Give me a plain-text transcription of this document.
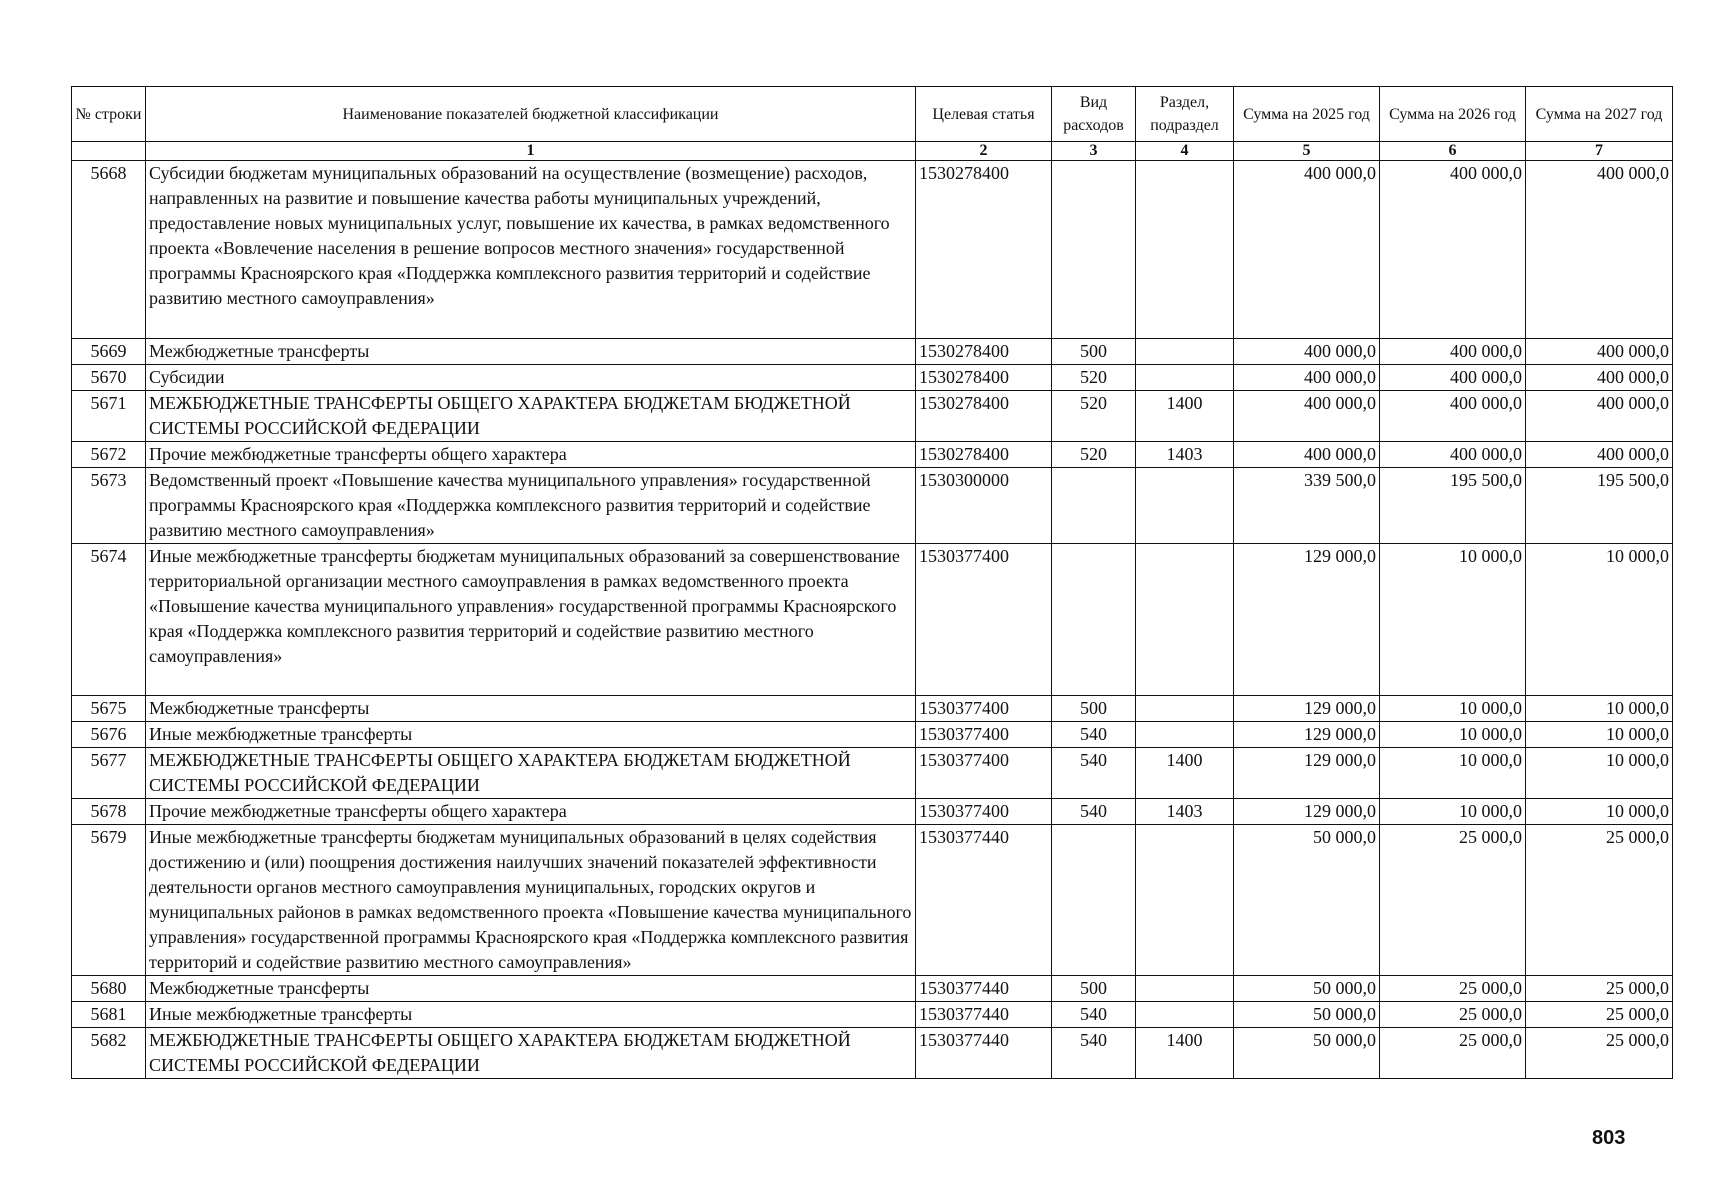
№ строки	Наименование показателей бюджетной классификации	Целевая статья	Вид расходов	Раздел, подраздел	Сумма на 2025 год	Сумма на 2026 год	Сумма на 2027 год
	1	2	3	4	5	6	7
5668	Субсидии бюджетам муниципальных образований на осуществление (возмещение) расходов, направленных на развитие и повышение качества работы муниципальных учреждений, предоставление новых муниципальных услуг, повышение их качества, в рамках ведомственного проекта «Вовлечение населения в решение вопросов местного значения» государственной программы Красноярского края «Поддержка комплексного развития территорий и содействие развитию местного самоуправления»	1530278400			400 000,0	400 000,0	400 000,0
5669	Межбюджетные трансферты	1530278400	500		400 000,0	400 000,0	400 000,0
5670	Субсидии	1530278400	520		400 000,0	400 000,0	400 000,0
5671	МЕЖБЮДЖЕТНЫЕ ТРАНСФЕРТЫ ОБЩЕГО ХАРАКТЕРА БЮДЖЕТАМ БЮДЖЕТНОЙ СИСТЕМЫ РОССИЙСКОЙ ФЕДЕРАЦИИ	1530278400	520	1400	400 000,0	400 000,0	400 000,0
5672	Прочие межбюджетные трансферты общего характера	1530278400	520	1403	400 000,0	400 000,0	400 000,0
5673	Ведомственный проект «Повышение качества муниципального управления» государственной программы Красноярского края «Поддержка комплексного развития территорий и содействие развитию местного самоуправления»	1530300000			339 500,0	195 500,0	195 500,0
5674	Иные межбюджетные трансферты бюджетам муниципальных образований за совершенствование территориальной организации местного самоуправления в рамках ведомственного проекта «Повышение качества муниципального управления» государственной программы Красноярского края «Поддержка комплексного развития территорий и содействие развитию местного самоуправления»	1530377400			129 000,0	10 000,0	10 000,0
5675	Межбюджетные трансферты	1530377400	500		129 000,0	10 000,0	10 000,0
5676	Иные межбюджетные трансферты	1530377400	540		129 000,0	10 000,0	10 000,0
5677	МЕЖБЮДЖЕТНЫЕ ТРАНСФЕРТЫ ОБЩЕГО ХАРАКТЕРА БЮДЖЕТАМ БЮДЖЕТНОЙ СИСТЕМЫ РОССИЙСКОЙ ФЕДЕРАЦИИ	1530377400	540	1400	129 000,0	10 000,0	10 000,0
5678	Прочие межбюджетные трансферты общего характера	1530377400	540	1403	129 000,0	10 000,0	10 000,0
5679	Иные межбюджетные трансферты бюджетам муниципальных образований в целях содействия достижению и (или) поощрения достижения наилучших значений показателей эффективности деятельности органов местного самоуправления муниципальных, городских округов и муниципальных районов в рамках ведомственного проекта «Повышение качества муниципального управления» государственной программы Красноярского края «Поддержка комплексного развития территорий и содействие развитию местного самоуправления»	1530377440			50 000,0	25 000,0	25 000,0
5680	Межбюджетные трансферты	1530377440	500		50 000,0	25 000,0	25 000,0
5681	Иные межбюджетные трансферты	1530377440	540		50 000,0	25 000,0	25 000,0
5682	МЕЖБЮДЖЕТНЫЕ ТРАНСФЕРТЫ ОБЩЕГО ХАРАКТЕРА БЮДЖЕТАМ БЮДЖЕТНОЙ СИСТЕМЫ РОССИЙСКОЙ ФЕДЕРАЦИИ	1530377440	540	1400	50 000,0	25 000,0	25 000,0
803
